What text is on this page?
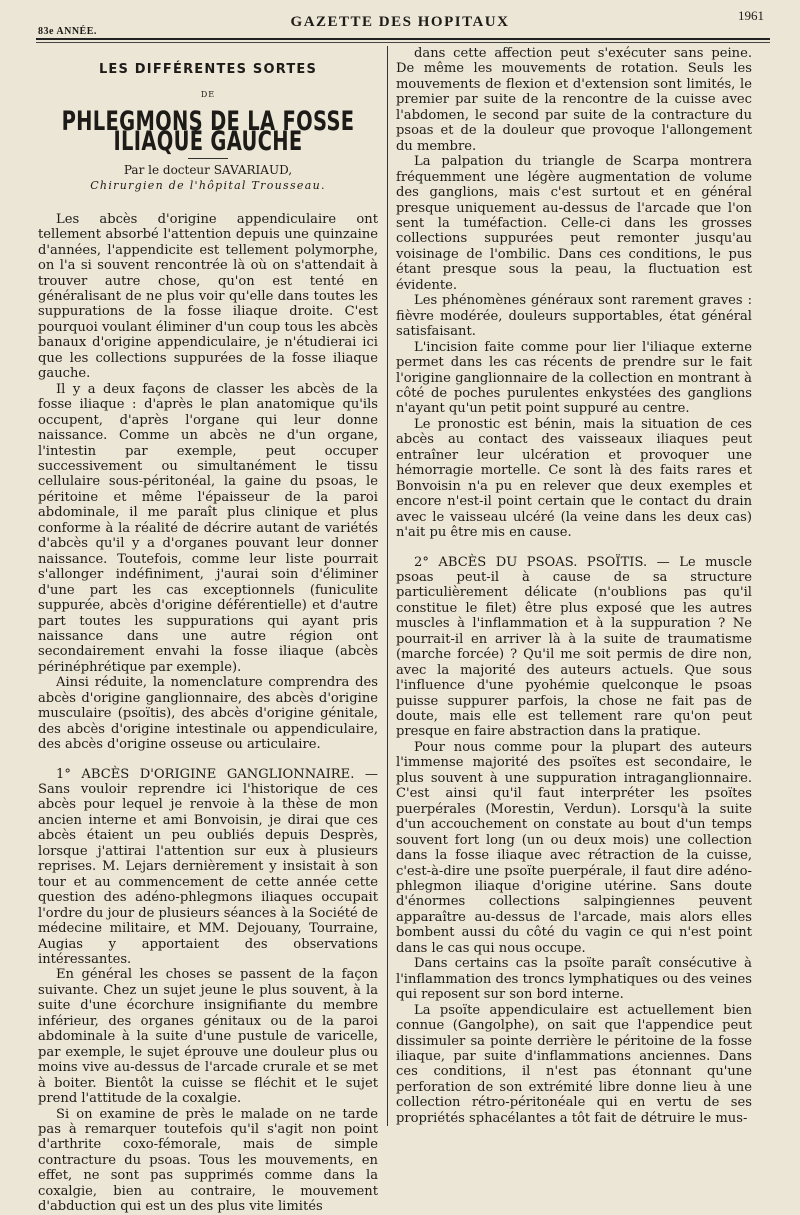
83e ANNÉE.
GAZETTE DES HOPITAUX	1961
LES DIFFÉRENTES SORTES
DE
PHLEGMONS DE LA FOSSE ILIAQUE GAUCHE
Par le docteur SAVARIAUD,
Chirurgien de l'hôpital Trousseau.

Les abcès d'origine appendiculaire ont tellement absorbé l'attention depuis une quinzaine d'années, l'appendicite est tellement polymorphe, on l'a si souvent rencontrée là où on s'attendait à trouver autre chose, qu'on est tenté en généralisant de ne plus voir qu'elle dans toutes les suppurations de la fosse iliaque droite. C'est pourquoi voulant éliminer d'un coup tous les abcès banaux d'origine appendiculaire, je n'étudierai ici que les collections suppurées de la fosse iliaque gauche.

Il y a deux façons de classer les abcès de la fosse iliaque : d'après le plan anatomique qu'ils occupent, d'après l'organe qui leur donne naissance. Comme un abcès ne d'un organe, l'intestin par exemple, peut occuper successivement ou simultanément le tissu cellulaire sous-péritonéal, la gaine du psoas, le péritoine et même l'épaisseur de la paroi abdominale, il me paraît plus clinique et plus conforme à la réalité de décrire autant de variétés d'abcès qu'il y a d'organes pouvant leur donner naissance. Toutefois, comme leur liste pourrait s'allonger indéfiniment, j'aurai soin d'éliminer d'une part les cas exceptionnels (funiculite suppurée, abcès d'origine déférentielle) et d'autre part toutes les suppurations qui ayant pris naissance dans une autre région ont secondairement envahi la fosse iliaque (abcès périnéphrétique par exemple).

Ainsi réduite, la nomenclature comprendra des abcès d'origine ganglionnaire, des abcès d'origine musculaire (psoïtis), des abcès d'origine génitale, des abcès d'origine intestinale ou appendiculaire, des abcès d'origine osseuse ou articulaire.

1° ABCÈS D'ORIGINE GANGLIONNAIRE. — Sans vouloir reprendre ici l'historique de ces abcès pour lequel je renvoie à la thèse de mon ancien interne et ami Bonvoisin, je dirai que ces abcès étaient un peu oubliés depuis Desprès, lorsque j'attirai l'attention sur eux à plusieurs reprises. M. Lejars dernièrement y insistait à son tour et au commencement de cette année cette question des adéno-phlegmons iliaques occupait l'ordre du jour de plusieurs séances à la Société de médecine militaire, et MM. Dejouany, Tourraine, Augias y apportaient des observations intéressantes.

En général les choses se passent de la façon suivante. Chez un sujet jeune le plus souvent, à la suite d'une écorchure insignifiante du membre inférieur, des organes génitaux ou de la paroi abdominale à la suite d'une pustule de varicelle, par exemple, le sujet éprouve une douleur plus ou moins vive au-dessus de l'arcade crurale et se met à boiter. Bientôt la cuisse se fléchit et le sujet prend l'attitude de la coxalgie.

Si on examine de près le malade on ne tarde pas à remarquer toutefois qu'il s'agit non point d'arthrite coxo-fémorale, mais de simple contracture du psoas. Tous les mouvements, en effet, ne sont pas supprimés comme dans la coxalgie, bien au contraire, le mouvement d'abduction qui est un des plus vite limités

dans cette affection peut s'exécuter sans peine. De même les mouvements de rotation. Seuls les mouvements de flexion et d'extension sont limités, le premier par suite de la rencontre de la cuisse avec l'abdomen, le second par suite de la contracture du psoas et de la douleur que provoque l'allongement du membre.

La palpation du triangle de Scarpa montrera fréquemment une légère augmentation de volume des ganglions, mais c'est surtout et en général presque uniquement au-dessus de l'arcade que l'on sent la tuméfaction. Celle-ci dans les grosses collections suppurées peut remonter jusqu'au voisinage de l'ombilic. Dans ces conditions, le pus étant presque sous la peau, la fluctuation est évidente.

Les phénomènes généraux sont rarement graves : fièvre modérée, douleurs supportables, état général satisfaisant.

L'incision faite comme pour lier l'iliaque externe permet dans les cas récents de prendre sur le fait l'origine ganglionnaire de la collection en montrant à côté de poches purulentes enkystées des ganglions n'ayant qu'un petit point suppuré au centre.

Le pronostic est bénin, mais la situation de ces abcès au contact des vaisseaux iliaques peut entraîner leur ulcération et provoquer une hémorragie mortelle. Ce sont là des faits rares et Bonvoisin n'a pu en relever que deux exemples et encore n'est-il point certain que le contact du drain avec le vaisseau ulcéré (la veine dans les deux cas) n'ait pu être mis en cause.

2° ABCÈS DU PSOAS. PSOÏTIS. — Le muscle psoas peut-il à cause de sa structure particulièrement délicate (n'oublions pas qu'il constitue le filet) être plus exposé que les autres muscles à l'inflammation et à la suppuration ? Ne pourrait-il en arriver là à la suite de traumatisme (marche forcée) ? Qu'il me soit permis de dire non, avec la majorité des auteurs actuels. Que sous l'influence d'une pyohémie quelconque le psoas puisse suppurer parfois, la chose ne fait pas de doute, mais elle est tellement rare qu'on peut presque en faire abstraction dans la pratique.

Pour nous comme pour la plupart des auteurs l'immense majorité des psoïtes est secondaire, le plus souvent à une suppuration intraganglionnaire. C'est ainsi qu'il faut interpréter les psoïtes puerpérales (Morestin, Verdun). Lorsqu'à la suite d'un accouchement on constate au bout d'un temps souvent fort long (un ou deux mois) une collection dans la fosse iliaque avec rétraction de la cuisse, c'est-à-dire une psoïte puerpérale, il faut dire adéno-phlegmon iliaque d'origine utérine. Sans doute d'énormes collections salpingiennes peuvent apparaître au-dessus de l'arcade, mais alors elles bombent aussi du côté du vagin ce qui n'est point dans le cas qui nous occupe.

Dans certains cas la psoïte paraît consécutive à l'inflammation des troncs lymphatiques ou des veines qui reposent sur son bord interne.

La psoïte appendiculaire est actuellement bien connue (Gangolphe), on sait que l'appendice peut dissimuler sa pointe derrière le péritoine de la fosse iliaque, par suite d'inflammations anciennes. Dans ces conditions, il n'est pas étonnant qu'une perforation de son extrémité libre donne lieu à une collection rétro-péritonéale qui en vertu de ses propriétés sphacélantes a tôt fait de détruire le mus-
